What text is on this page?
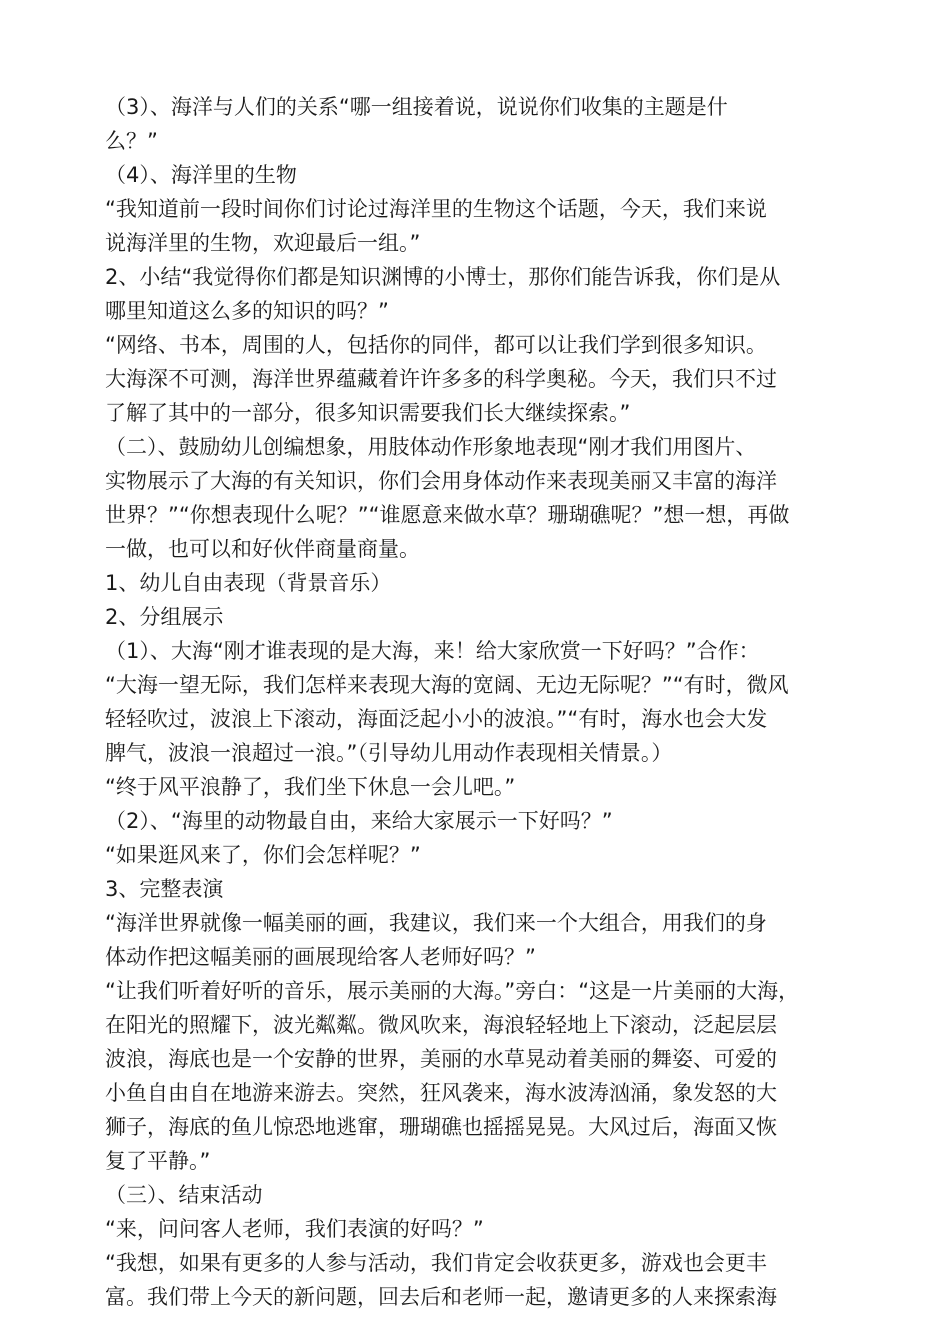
（3）、海洋与人们的关系“哪一组接着说，说说你们收集的主题是什
么？”
（4）、海洋里的生物
“我知道前一段时间你们讨论过海洋里的生物这个话题，今天，我们来说
说海洋里的生物，欢迎最后一组。”
2、小结“我觉得你们都是知识渊博的小博士，那你们能告诉我，你们是从
哪里知道这么多的知识的吗？”
“网络、书本，周围的人，包括你的同伴，都可以让我们学到很多知识。
大海深不可测，海洋世界蕴藏着许许多多的科学奥秘。今天，我们只不过
了解了其中的一部分，很多知识需要我们长大继续探索。”
（二）、鼓励幼儿创编想象，用肢体动作形象地表现“刚才我们用图片、
实物展示了大海的有关知识，你们会用身体动作来表现美丽又丰富的海洋
世界？”“你想表现什么呢？”“谁愿意来做水草？珊瑚礁呢？”想一想，再做
一做，也可以和好伙伴商量商量。
1、幼儿自由表现（背景音乐）
2、分组展示
（1）、大海“刚才谁表现的是大海，来！给大家欣赏一下好吗？”合作：
“大海一望无际，我们怎样来表现大海的宽阔、无边无际呢？”“有时，微风
轻轻吹过，波浪上下滚动，海面泛起小小的波浪。”“有时，海水也会大发
脾气，波浪一浪超过一浪。”（引导幼儿用动作表现相关情景。）
“终于风平浪静了，我们坐下休息一会儿吧。”
（2）、“海里的动物最自由，来给大家展示一下好吗？”
“如果逛风来了，你们会怎样呢？”
3、完整表演
“海洋世界就像一幅美丽的画，我建议，我们来一个大组合，用我们的身
体动作把这幅美丽的画展现给客人老师好吗？”
“让我们听着好听的音乐，展示美丽的大海。”旁白：“这是一片美丽的大海，
在阳光的照耀下，波光粼粼。微风吹来，海浪轻轻地上下滚动，泛起层层
波浪，海底也是一个安静的世界，美丽的水草晃动着美丽的舞姿、可爱的
小鱼自由自在地游来游去。突然，狂风袭来，海水波涛汹涌，象发怒的大
狮子，海底的鱼儿惊恐地逃窜，珊瑚礁也摇摇晃晃。大风过后，海面又恢
复了平静。”
（三）、结束活动
“来，问问客人老师，我们表演的好吗？”
“我想，如果有更多的人参与活动，我们肯定会收获更多，游戏也会更丰
富。我们带上今天的新问题，回去后和老师一起，邀请更多的人来探索海
